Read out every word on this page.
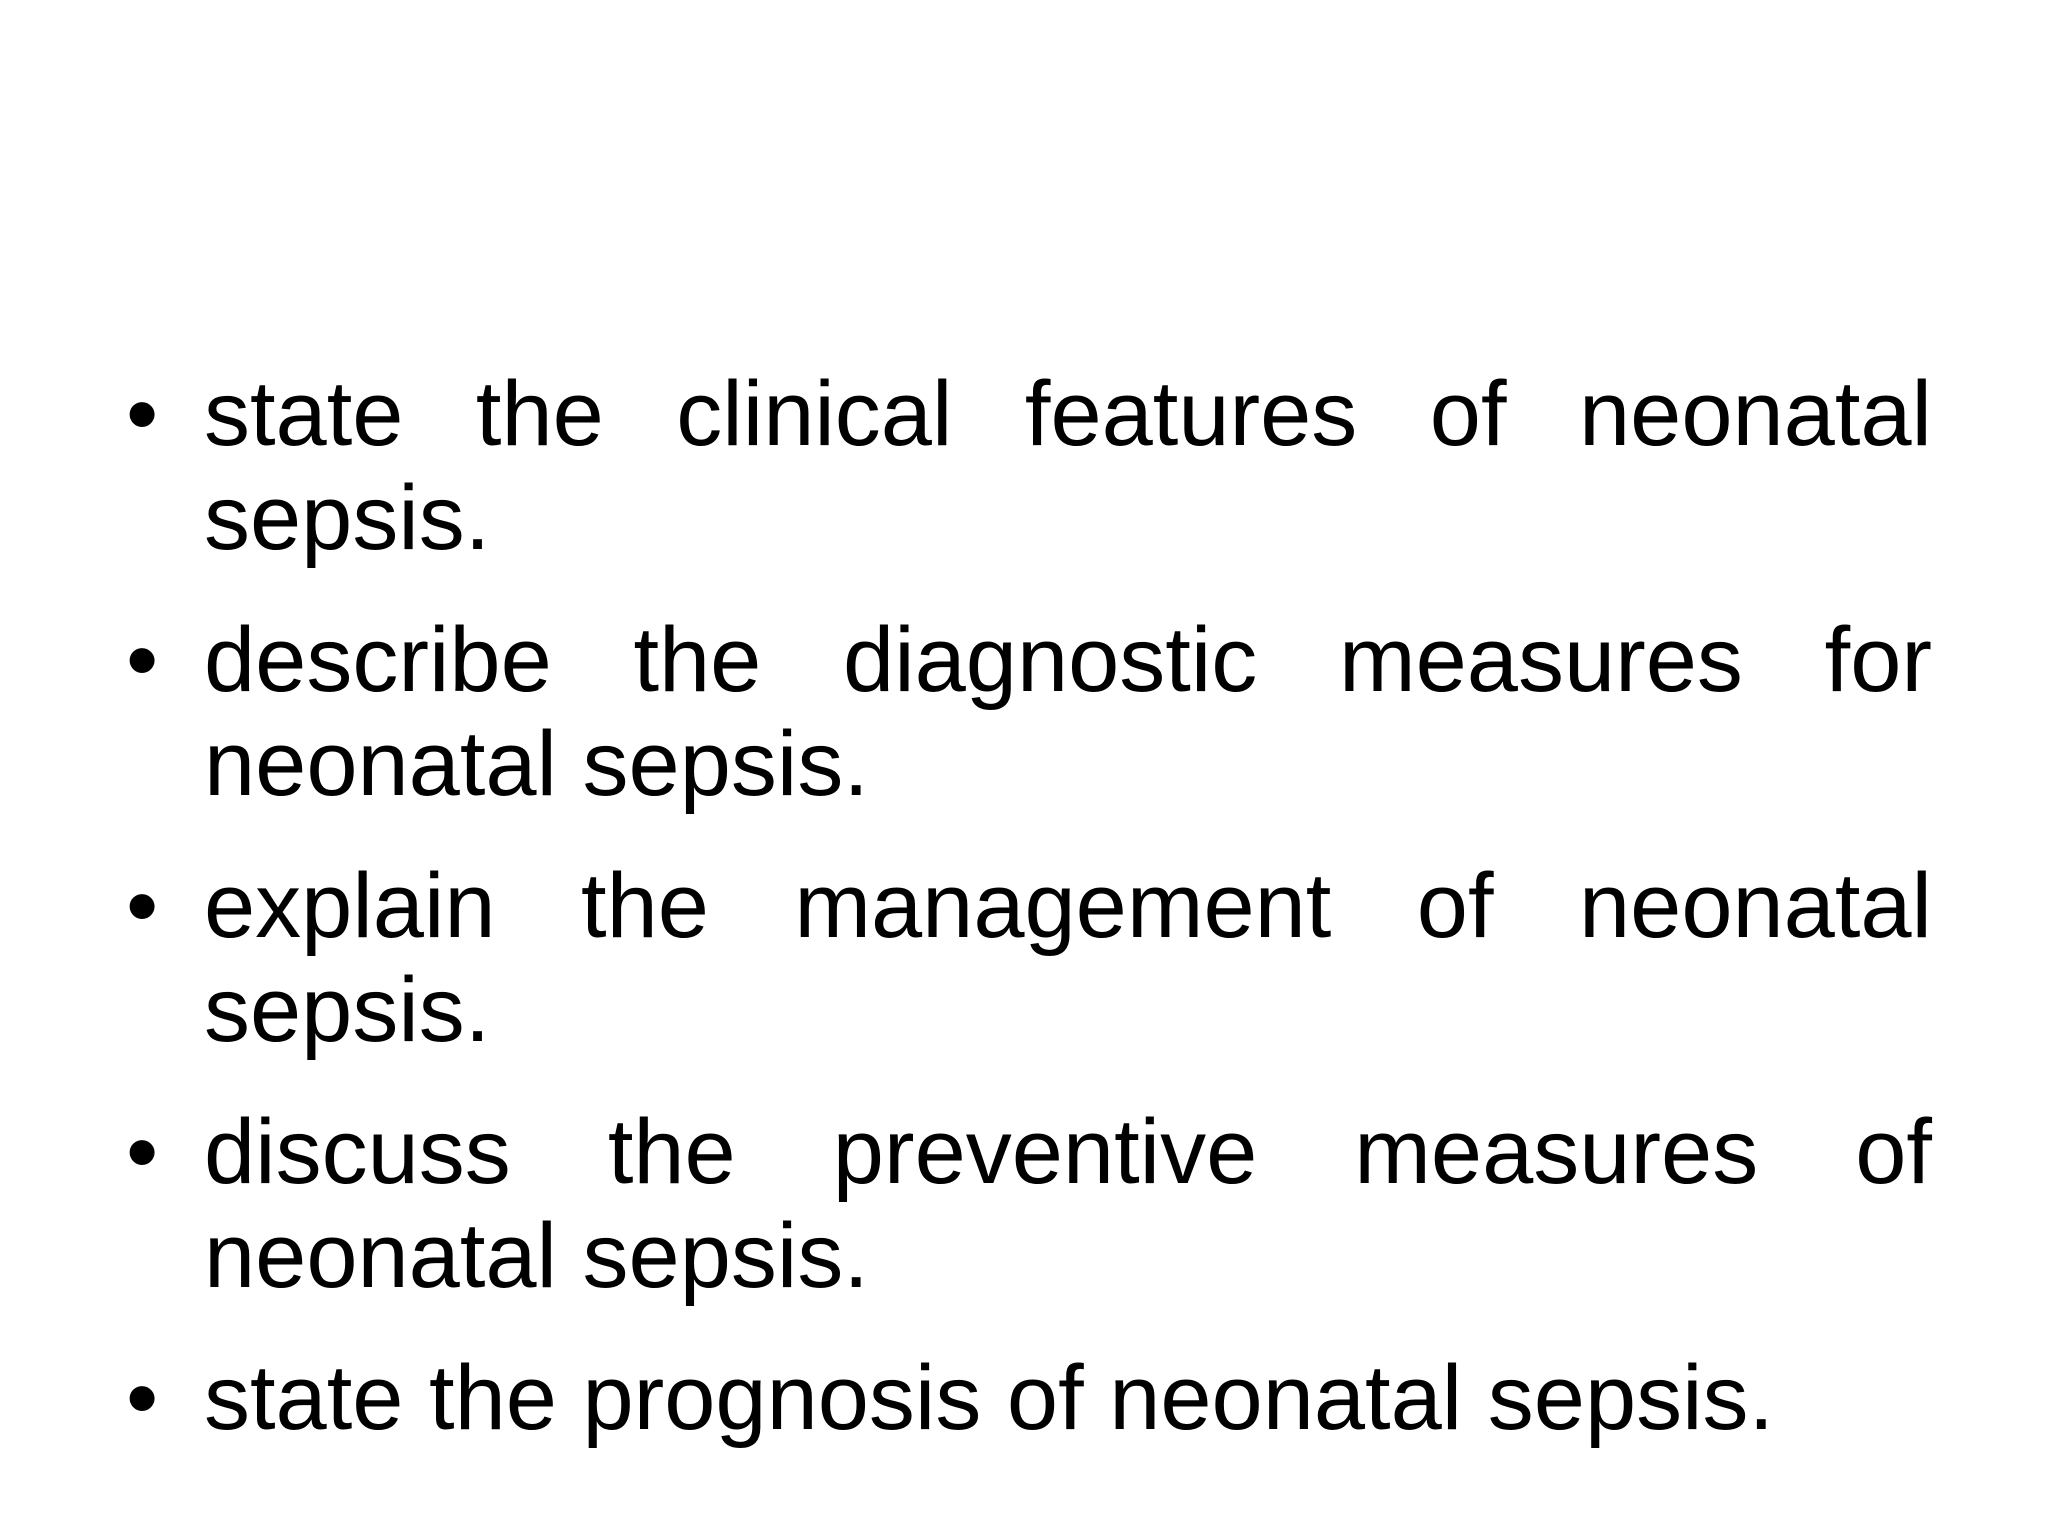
• state the clinical features of neonatal sepsis.
• describe the diagnostic measures for neonatal sepsis.
• explain the management of neonatal sepsis.
• discuss the preventive measures of neonatal sepsis.
• state the prognosis of neonatal sepsis.
